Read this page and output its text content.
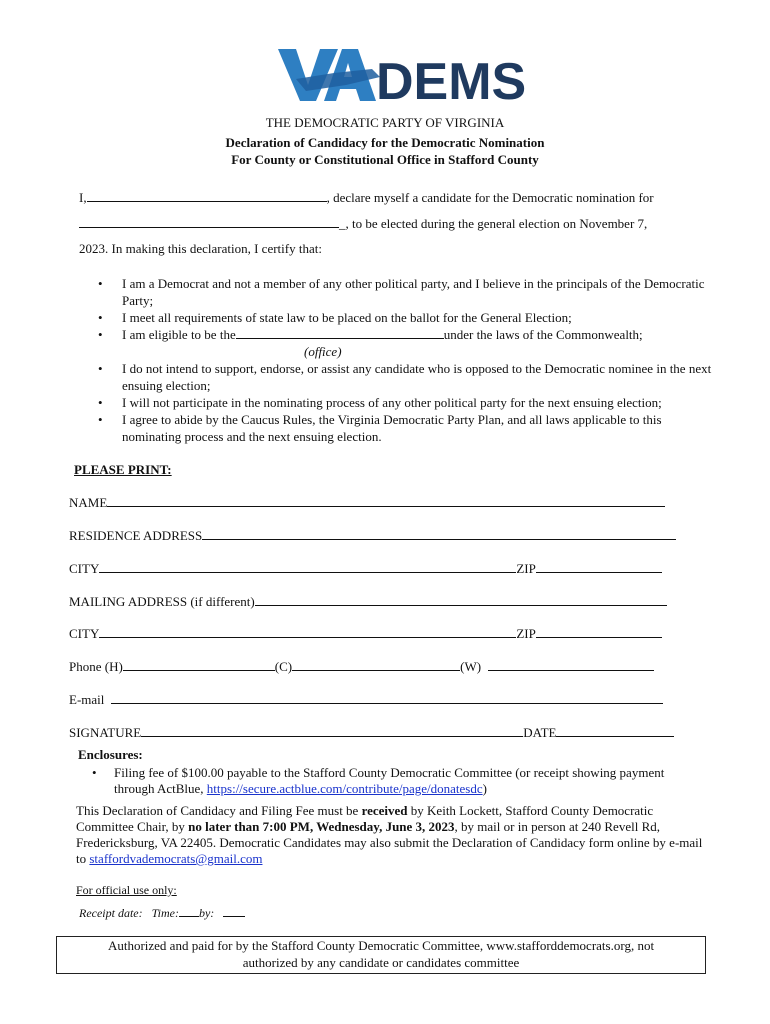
DEMS
THE DEMOCRATIC PARTY OF VIRGINIA
Declaration of Candidacy for the Democratic Nomination
For County or Constitutional Office in Stafford County
I,	, declare myself a candidate for the Democratic nomination for
_, to be elected during the general election on November 7,
2023. In making this declaration, I certify that:
• I am a Democrat and not a member of any other political party, and I believe in the principals of the Democratic Party;
• I meet all requirements of state law to be placed on the ballot for the General Election;
• I am eligible to be the	under the laws of the Commonwealth;
(office)
• I do not intend to support, endorse, or assist any candidate who is opposed to the Democratic nominee in the next ensuing election;
• I will not participate in the nominating process of any other political party for the next ensuing election;
• I agree to abide by the Caucus Rules, the Virginia Democratic Party Plan, and all laws applicable to this nominating process and the next ensuing election.
PLEASE PRINT:
NAME
RESIDENCE ADDRESS
CITY	ZIP
MAILING ADDRESS (if different)
CITY	ZIP
Phone (H)	(C)	(W)
E-mail
SIGNATURE	DATE
Enclosures:
•	Filing fee of $100.00 payable to the Stafford County Democratic Committee (or receipt showing payment through ActBlue, https://secure.actblue.com/contribute/page/donatesdc)
This Declaration of Candidacy and Filing Fee must be received by Keith Lockett, Stafford County Democratic Committee Chair, by no later than 7:00 PM, Wednesday, June 3, 2023, by mail or in person at 240 Revell Rd, Fredericksburg, VA 22405. Democratic Candidates may also submit the Declaration of Candidacy form online by e-mail to staffordvademocrats@gmail.com
For official use only:
Receipt date: Time: by:
Authorized and paid for by the Stafford County Democratic Committee, www.stafforddemocrats.org, not
authorized by any candidate or candidates committee
